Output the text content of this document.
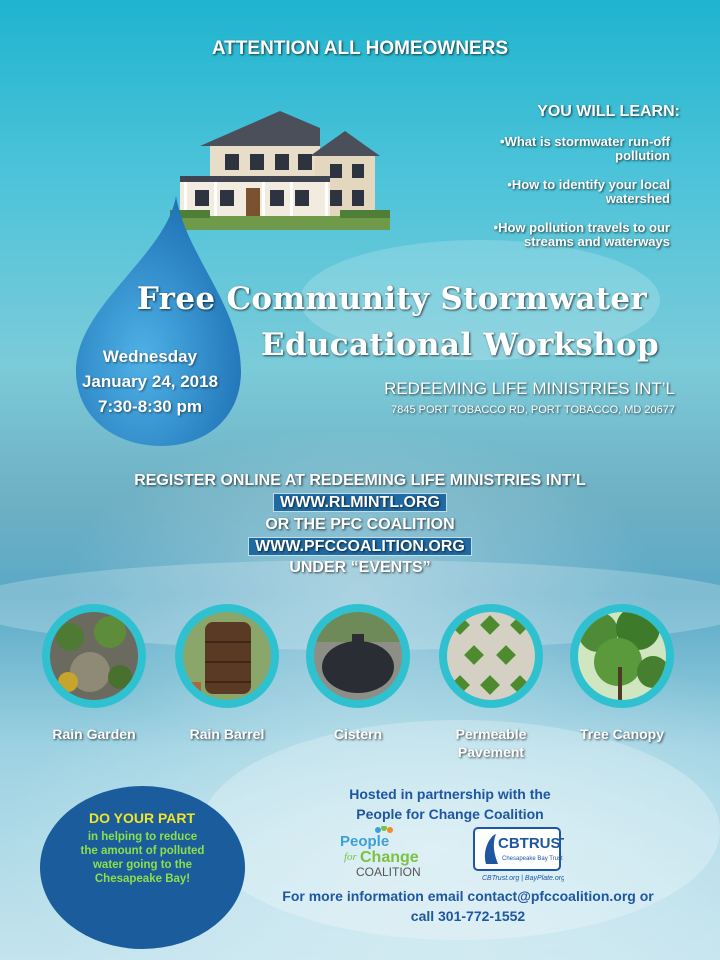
ATTENTION ALL HOMEOWNERS
Wednesday
January 24, 2018
7:30-8:30 pm
YOU WILL LEARN:
•What is stormwater run-off
pollution
•How to identify your local
watershed
•How pollution travels to our
streams and waterways
Free Community Stormwater
Educational Workshop
REDEEMING LIFE MINISTRIES INT’L
7845 PORT TOBACCO RD, PORT TOBACCO, MD 20677
REGISTER ONLINE AT REDEEMING LIFE MINISTRIES INT’L
WWW.RLMINTL.ORG
OR THE PFC COALITION
WWW.PFCCOALITION.ORG
UNDER “EVENTS”
Rain Garden	Rain Barrel	Cistern	Permeable
Pavement
Tree Canopy
DO YOUR PART
in helping to reduce
the amount of polluted
water going to the
Chesapeake Bay!
Hosted in partnership with the
People for Change Coalition
People
for Change
COALITION
CBTRUST
Chesapeake Bay Trust
CBTrust.org | BayPlate.org
For more information email contact@pfccoalition.org or
call 301-772-1552
